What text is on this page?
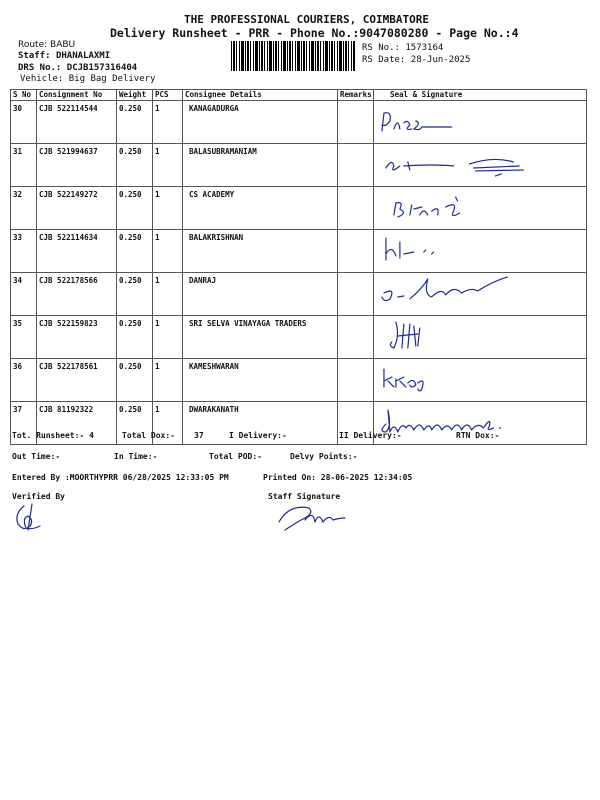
THE PROFESSIONAL COURIERS, COIMBATORE
Delivery Runsheet - PRR - Phone No.:9047080280 - Page No.:4
Route: BABU
Staff: DHANALAXMI
DRS No.: DCJB157316404
Vehicle: Big Bag Delivery
RS No.: 1573164
RS Date: 28-Jun-2025
S No	Consignment No	Weight	PCS	Consignee Details	Remarks	Seal & Signature
30	CJB 522114544	0.250	1	KANAGADURGA		

31	CJB 521994637	0.250	1	BALASUBRAMANIAM		

32	CJB 522149272	0.250	1	CS ACADEMY		

33	CJB 522114634	0.250	1	BALAKRISHNAN		

34	CJB 522178566	0.250	1	DANRAJ		

35	CJB 522159823	0.250	1	SRI SELVA VINAYAGA TRADERS		

36	CJB 522178561	0.250	1	KAMESHWARAN		

37	CJB 81192322	0.250	1	DWARAKANATH		
Tot. Runsheet:- 4	Total Dox:- 37	I Delivery:-	II Delivery:-	RTN Dox:-
Out Time:-	In Time:-	Total POD:-	Delvy Points:-
Entered By :MOORTHYPRR 06/28/2025 12:33:05 PM	Printed On: 28-06-2025 12:34:05
Verified By	Staff Signature
